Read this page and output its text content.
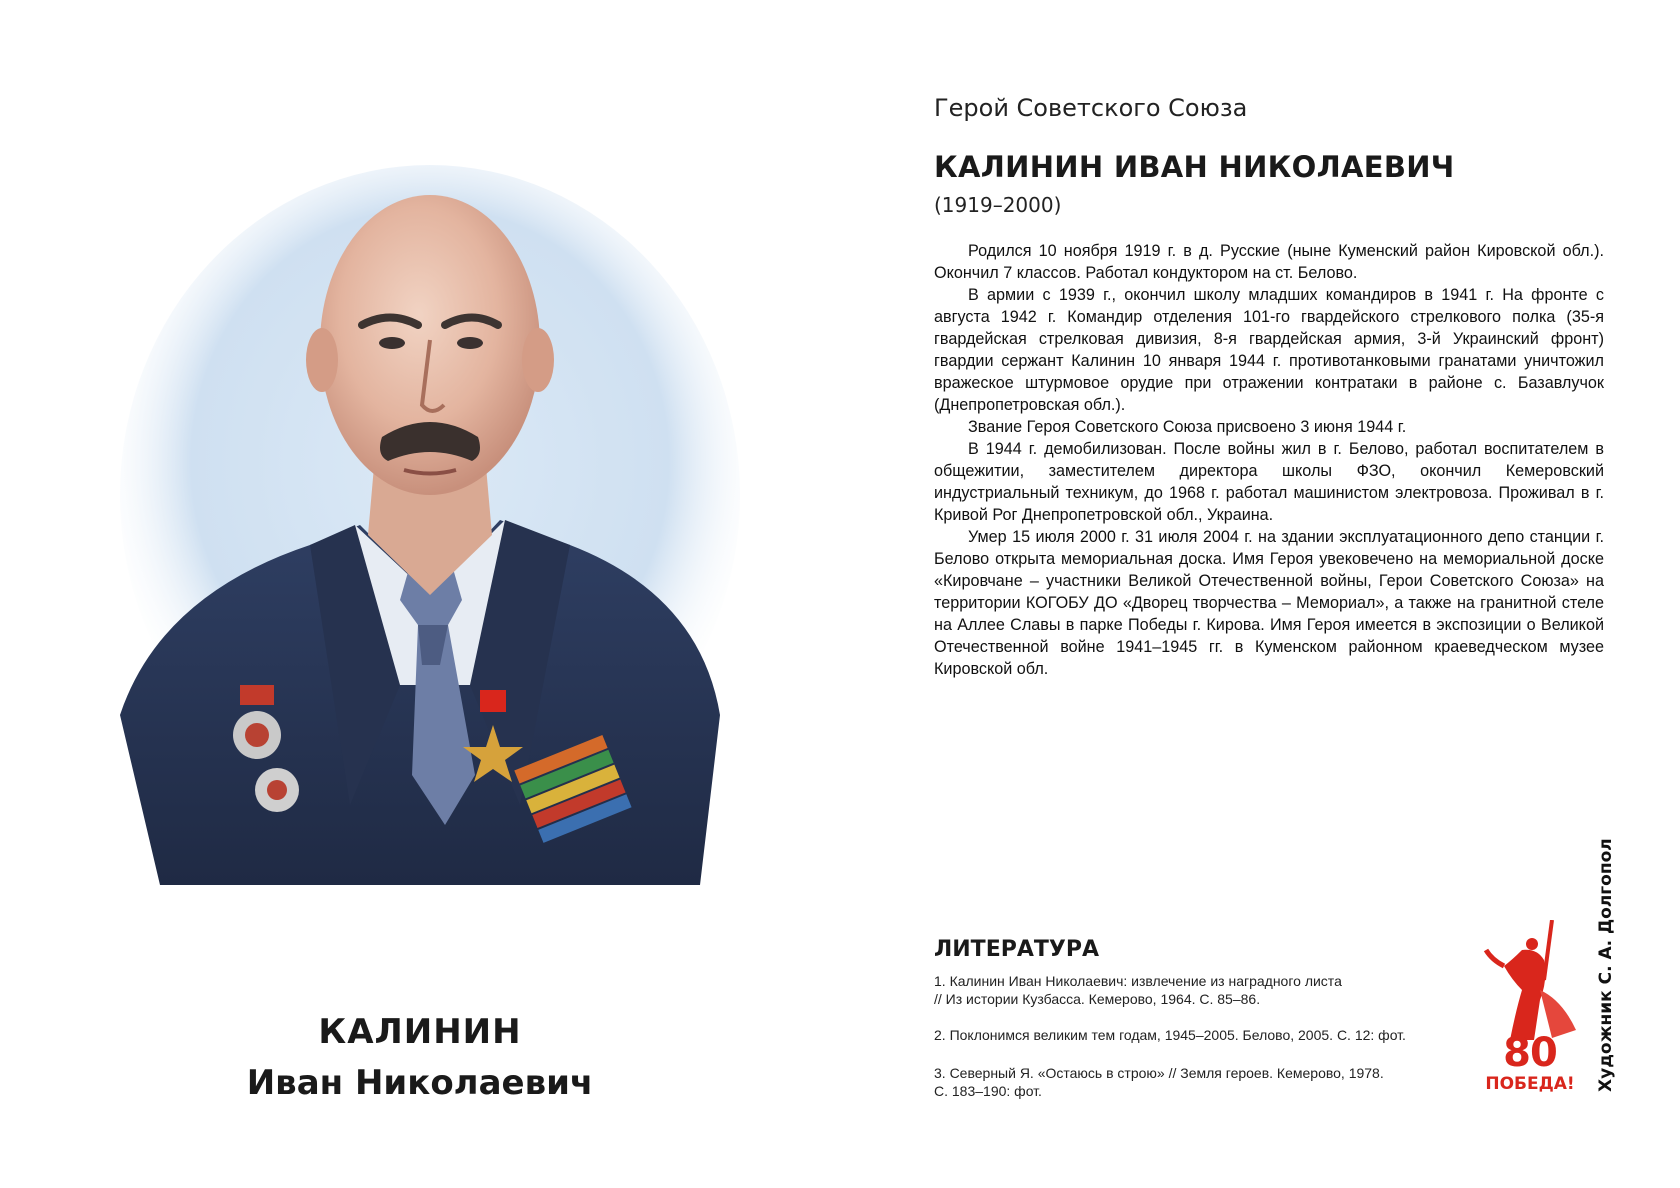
КАЛИНИН
Иван Николаевич
Герой Советского Союза
КАЛИНИН ИВАН НИКОЛАЕВИЧ
(1919–2000)

Родился 10 ноября 1919 г. в д. Русские (ныне Куменский район Кировской обл.). Окончил 7 классов. Работал кондуктором на ст. Белово.

В армии с 1939 г., окончил школу младших командиров в 1941 г. На фронте с августа 1942 г. Командир отделения 101-го гвардейского стрелкового полка (35-я гвардейская стрелковая дивизия, 8-я гвардейская армия, 3-й Украинский фронт) гвардии сержант Калинин 10 января 1944 г. противотанковыми гранатами уничтожил вражеское штурмовое орудие при отражении контратаки в районе с. Базавлучок (Днепропетровская обл.).

Звание Героя Советского Союза присвоено 3 июня 1944 г.

В 1944 г. демобилизован. После войны жил в г. Белово, работал воспитателем в общежитии, заместителем директора школы ФЗО, окончил Кемеровский индустриальный техникум, до 1968 г. работал машинистом электровоза. Проживал в г. Кривой Рог Днепропетровской обл., Украина.

Умер 15 июля 2000 г. 31 июля 2004 г. на здании эксплуатационного депо станции г. Белово открыта мемориальная доска. Имя Героя увековечено на мемориальной доске «Кировчане – участники Великой Отечественной войны, Герои Советского Союза» на территории КОГОБУ ДО «Дворец творчества – Мемориал», а также на гранитной стеле на Аллее Славы в парке Победы г. Кирова. Имя Героя имеется в экспозиции о Великой Отечественной войне 1941–1945 гг. в Куменском районном краеведческом музее Кировской обл.

ЛИТЕРАТУРА
1. Калинин Иван Николаевич: извлечение из наградного листа
// Из истории Кузбасса. Кемерово, 1964. С. 85–86.
2. Поклонимся великим тем годам, 1945–2005. Белово, 2005. С. 12: фот.
3. Северный Я. «Остаюсь в строю» // Земля героев. Кемерово, 1978.
С. 183–190: фот.
80
ПОБЕДА! Художник С. А. Долгопол
